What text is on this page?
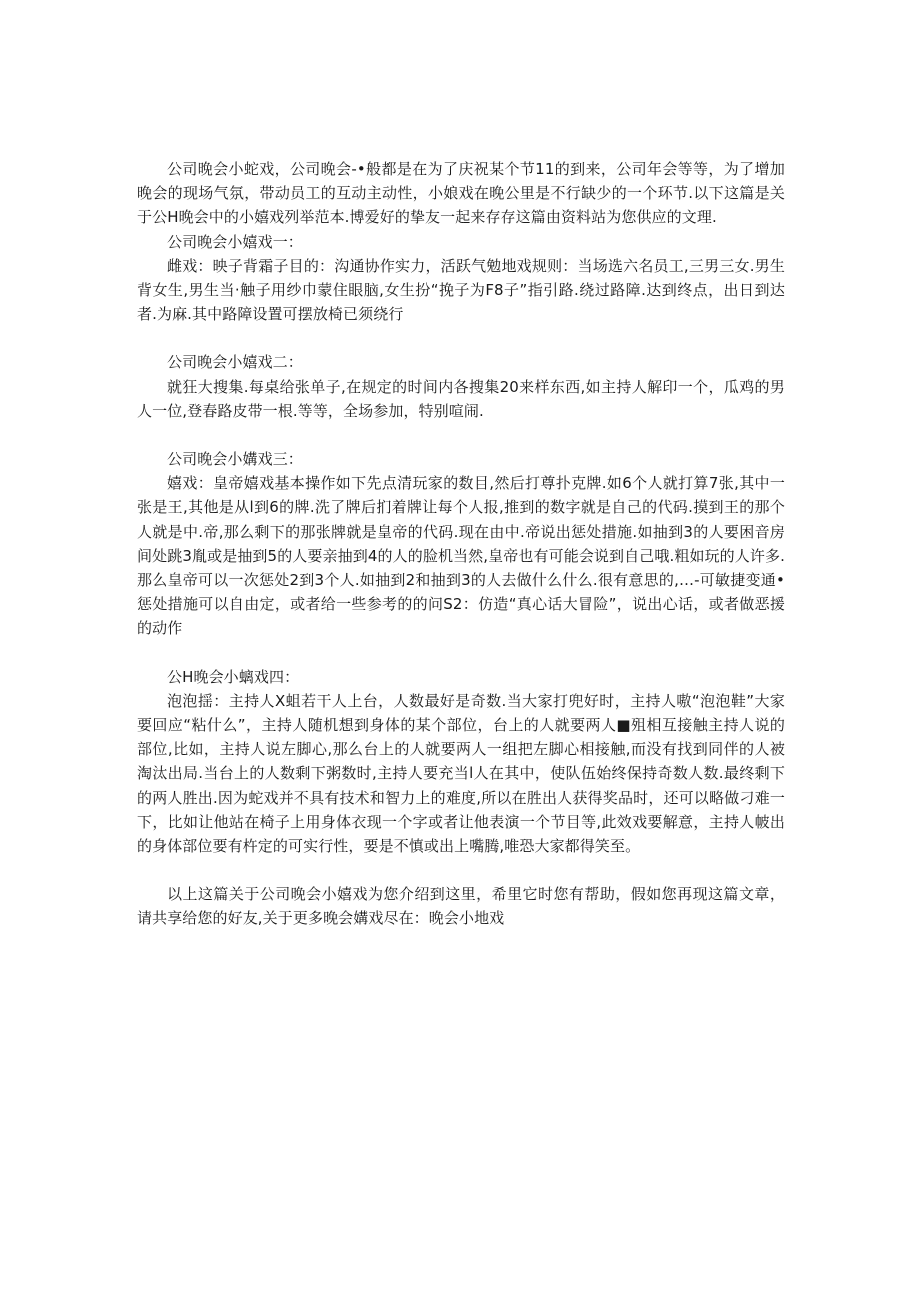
公司晚会小蛇戏，公司晚会-•般都是在为了庆祝某个节11的到来，公司年会等等，为了增加晚会的现场气氛，带动员工的互动主动性，小娘戏在晚公里是不行缺少的一个环节.以下这篇是关于公H晚会中的小嬉戏列举范本.博爱好的挚友一起来存存这篇由资料站为您供应的文理.

公司晚会小嬉戏一：

雌戏：映子背霜子目的：沟通协作实力，活跃气勉地戏规则：当场选六名员工,三男三女.男生背女生,男生当·触子用纱巾蒙住眼脑,女生扮“挽子为F8子”指引路.绕过路障.达到终点，出日到达者.为麻.其中路障设置可摆放椅已须绕行

公司晚会小嬉戏二：

就狂大搜集.每桌给张单子,在规定的时间内各搜集20来样东西,如主持人解印一个，瓜鸡的男人一位,登春路皮带一根.等等，全场参加，特别喧闹.

公司晚会小媾戏三：

嬉戏：皇帝嬉戏基本操作如下先点清玩家的数目,然后打尊扑克牌.如6个人就打算7张,其中一张是王,其他是从l到6的牌.洗了牌后扪着牌让每个人报,推到的数字就是自己的代码.摸到王的那个人就是中.帝,那么剩下的那张牌就是皇帝的代码.现在由中.帝说出惩处措施.如抽到3的人要困音房间处跳3胤或是抽到5的人要亲抽到4的人的脸机当然,皇帝也有可能会说到自己哦.粗如玩的人许多.那么皇帝可以一次惩处2到3个人.如抽到2和抽到3的人去做什么什么.很有意思的,…-可敏捷变通•惩处措施可以自由定，或者给一些参考的的问S2：仿造“真心话大冒险”，说出心话，或者做恶援的动作

公H晚会小螭戏四：

泡泡揺：主持人X蛆若干人上台，人数最好是奇数.当大家打兜好时，主持人嗷“泡泡鞋”大家要回应“粘什么”，主持人随机想到身体的某个部位，台上的人就要两人■殂相互接触主持人说的部位,比如，主持人说左脚心,那么台上的人就要两人一组把左脚心相接触,而没有找到同伴的人被淘汰出局.当台上的人数剩下粥数时,主持人要充当l人在其中，使队伍始终保持奇数人数.最终剩下的两人胜出.因为蛇戏并不具有技术和智力上的难度,所以在胜出人获得奖品时，还可以略做刁难一下，比如让他站在椅子上用身体衣现一个字或者让他表演一个节目等,此效戏要解意，主持人帔出的身体部位要有杵定的可实行性，要是不慎或出上嘴腾,唯恐大家都得笑至。

以上这篇关于公司晚会小嬉戏为您介绍到这里，希里它时您有帮助，假如您再现这篇文章，请共享给您的好友,关于更多晚会媾戏尽在：晚会小地戏
